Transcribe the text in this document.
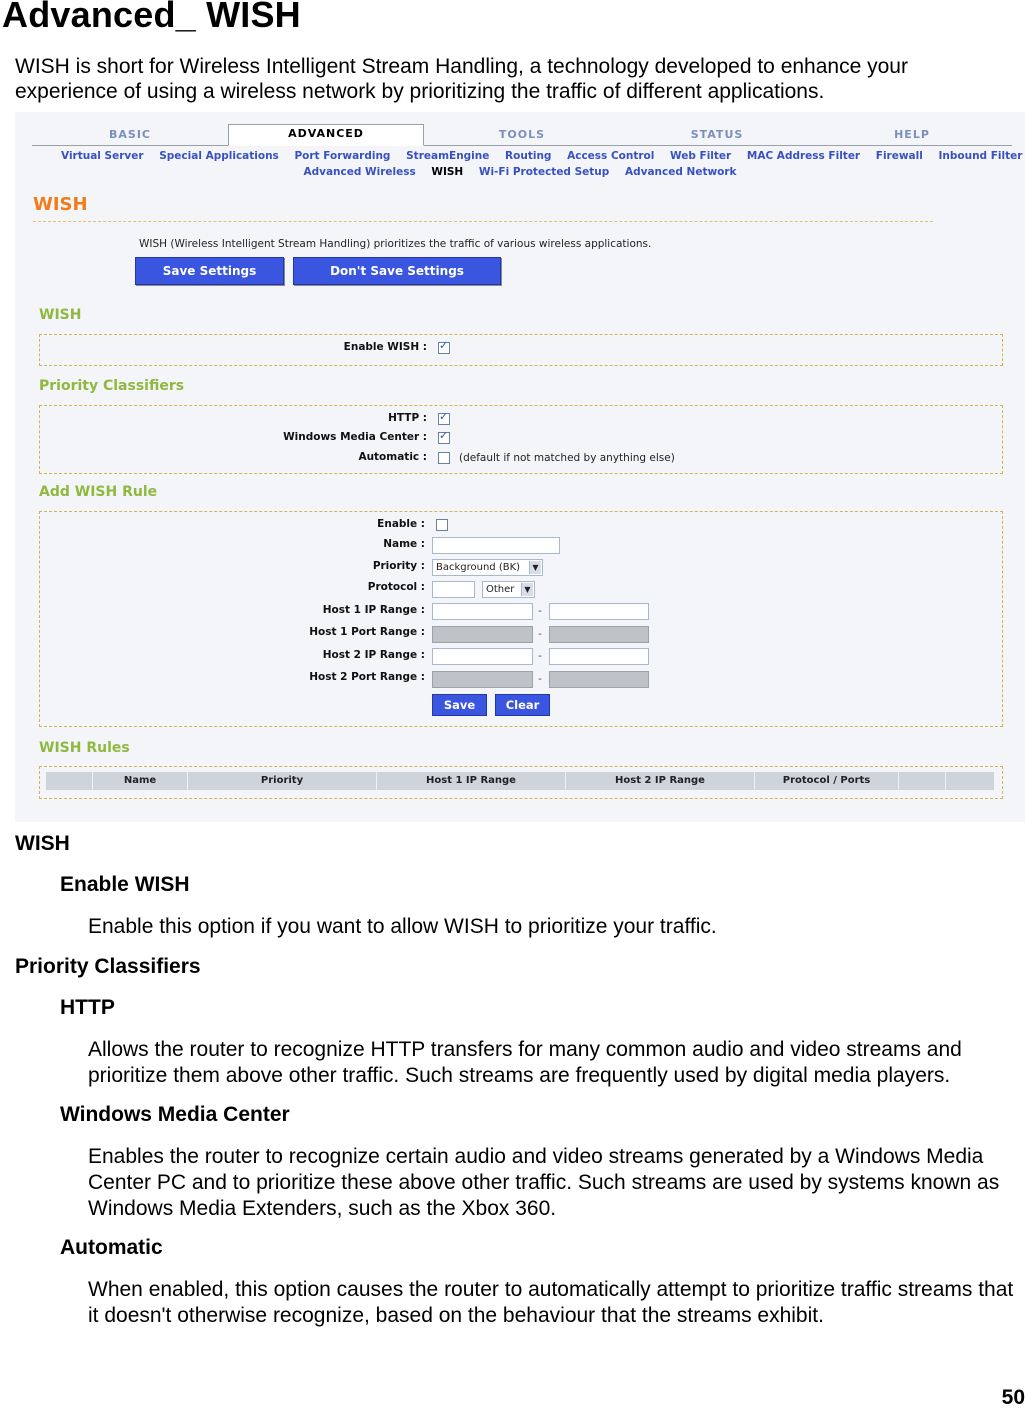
Advanced_ WISH

WISH is short for Wireless Intelligent Stream Handling, a technology developed to enhance your experience of using a wireless network by prioritizing the traffic of different applications.

BASIC	ADVANCED	TOOLS	STATUS	HELP
Virtual Server Special Applications Port Forwarding StreamEngine Routing Access Control Web Filter MAC Address Filter Firewall Inbound Filter
Advanced Wireless WISH Wi-Fi Protected Setup Advanced Network
WISH
WISH (Wireless Intelligent Stream Handling) prioritizes the traffic of various wireless applications.
Save Settings	Don't Save Settings
WISH
Enable WISH :
✓
Priority Classifiers
HTTP :
✓
Windows Media Center :
✓
Automatic :	(default if not matched by anything else)
Add WISH Rule
Enable :
Name :
Priority :	Background (BK)	▼
Protocol :	Other	▼
Host 1 IP Range :	-
Host 1 Port Range :	-
Host 2 IP Range :	-
Host 2 Port Range :	-
Save	Clear
WISH Rules
Name	Priority	Host 1 IP Range	Host 2 IP Range	Protocol / Ports
WISH
Enable WISH

Enable this option if you want to allow WISH to prioritize your traffic.

Priority Classifiers
HTTP

Allows the router to recognize HTTP transfers for many common audio and video streams and prioritize them above other traffic. Such streams are frequently used by digital media players.

Windows Media Center

Enables the router to recognize certain audio and video streams generated by a Windows Media Center PC and to prioritize these above other traffic. Such streams are used by systems known as Windows Media Extenders, such as the Xbox 360.

Automatic

When enabled, this option causes the router to automatically attempt to prioritize traffic streams that it doesn't otherwise recognize, based on the behaviour that the streams exhibit.

50
